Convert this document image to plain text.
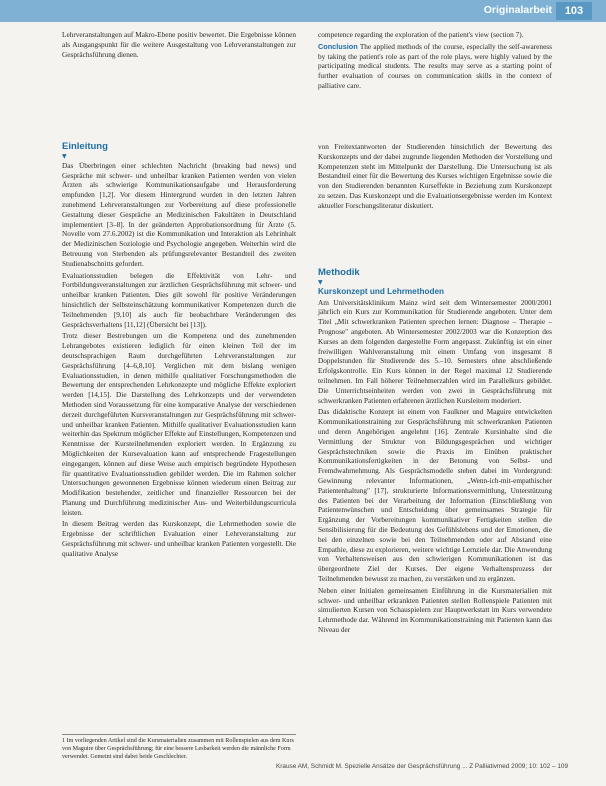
Originalarbeit	103

Lehrveranstaltungen auf Makro-Ebene positiv bewertet. Die Ergebnisse können als Ausgangspunkt für die weitere Ausgestaltung von Lehrveranstaltungen zur Gesprächsführung dienen.

Einleitung
▼

Das Überbringen einer schlechten Nachricht (breaking bad news) und Gespräche mit schwer- und unheilbar kranken Patienten werden von vielen Ärzten als schwierige Kommunikationsaufgabe und Herausforderung empfunden [1,2]. Vor diesem Hintergrund wurden in den letzten Jahren zunehmend Lehrveranstaltungen zur Vorbereitung auf diese professionelle Gestaltung dieser Gespräche an Medizinischen Fakultäten in Deutschland implementiert [3–8]. In der geänderten Approbationsordnung für Ärzte (5. Novelle vom 27.6.2002) ist die Kommunikation und Interaktion als Lehrinhalt der Medizinischen Soziologie und Psychologie angegeben. Weiterhin wird die Betreuung von Sterbenden als prüfungsrelevanter Bestandteil des zweiten Studienabschnitts gefordert.

Evaluationsstudien belegen die Effektivität von Lehr- und Fortbildungsveranstaltungen zur ärztlichen Gesprächsführung mit schwer- und unheilbar kranken Patienten. Dies gilt sowohl für positive Veränderungen hinsichtlich der Selbsteinschätzung kommunikativer Kompetenzen durch die Teilnehmenden [9,10] als auch für beobachtbare Veränderungen des Gesprächsverhaltens [11,12] (Übersicht bei [13]).

Trotz dieser Bestrebungen um die Kompetenz und des zunehmenden Lehrangebotes existieren lediglich für einen kleinen Teil der im deutschsprachigen Raum durchgeführten Lehrveranstaltungen zur Gesprächsführung [4–6,8,10]. Verglichen mit dem bislang wenigen Evaluationsstudien, in denen mithilfe qualitativer Forschungsmethoden die Bewertung der entsprechenden Lehrkonzepte und mögliche Effekte exploriert werden [14,15]. Die Darstellung des Lehrkonzepts und der verwendeten Methoden sind Voraussetzung für eine komparative Analyse der verschiedenen derzeit durchgeführten Kursveranstaltungen zur Gesprächsführung mit schwer- und unheilbar kranken Patienten. Mithilfe qualitativer Evaluationsstudien kann weiterhin das Spektrum möglicher Effekte auf Einstellungen, Kompetenzen und Kenntnisse der Kursteilnehmenden exploriert werden. In Ergänzung zu Möglichkeiten der Kursevaluation kann auf entsprechende Fragestellungen eingegangen, können auf diese Weise auch empirisch begründete Hypothesen für quantitative Evaluationsstudien gebildet werden. Die im Rahmen solcher Untersuchungen gewonnenen Ergebnisse können wiederum einen Beitrag zur Modifikation bestehender, zeitlicher und finanzieller Ressourcen bei der Planung und Durchführung medizinischer Aus- und Weiterbildungscurricula leisten.

In diesem Beitrag werden das Kurskonzept, die Lehrmethoden sowie die Ergebnisse der schriftlichen Evaluation einer Lehrveranstaltung zur Gesprächsführung mit schwer- und unheilbar kranken Patienten vorgestellt. Die qualitative Analyse

1 Im vorliegenden Artikel sind die Kursmaterialien zusammen mit Rollenspielen aus dem Kurs von Maguire über Gesprächsführung; für eine bessere Lesbarkeit werden die männliche Form verwendet. Gemeint sind dabei beide Geschlechter.

competence regarding the exploration of the patient's view (section 7).

Conclusion The applied methods of the course, especially the self-awareness by taking the patient's role as part of the role plays, were highly valued by the participating medical students. The results may serve as a starting point of further evaluation of courses on communication skills in the context of palliative care.

von Freitextantworten der Studierenden hinsichtlich der Bewertung des Kurskonzepts und der dabei zugrunde liegenden Methoden der Vorstellung und Kompetenzen steht im Mittelpunkt der Darstellung. Die Untersuchung ist als Bestandteil einer für die Bewertung des Kurses wichtigen Ergebnisse sowie die von den Studierenden benannten Kurseffekte in Beziehung zum Kurskonzept zu setzen. Das Kurskonzept und die Evaluationsergebnisse werden im Kontext aktueller Forschungsliteratur diskutiert.

Methodik
▼
Kurskonzept und Lehrmethoden

Am Universitätsklinikum Mainz wird seit dem Wintersemester 2000/2001 jährlich ein Kurs zur Kommunikation für Studierende angeboten. Unter dem Titel „Mit schwerkranken Patienten sprechen lernen: Diagnose – Therapie – Prognose" angeboten. Ab Wintersemester 2002/2003 war die Konzeption des Kurses an dem folgenden dargestellte Form angepasst. Zukünftig ist ein einer freiwilligen Wahlveranstaltung mit einem Umfang von insgesamt 8 Doppelstunden für Studierende des 5.–10. Semesters ohne abschließende Erfolgskontrolle. Ein Kurs können in der Regel maximal 12 Studierende teilnehmen. Im Fall höherer Teilnehmerzahlen wird im Parallelkurs gebildet. Die Unterrichtseinheiten werden von zwei in Gesprächsführung mit schwerkranken Patienten erfahrenen ärztlichen Kursleitern moderiert.

Das didaktische Konzept ist einem von Faulkner und Maguire entwickelten Kommunikationstraining zur Gesprächsführung mit schwerkranken Patienten und deren Angehörigen angelehnt [16]. Zentrale Kursinhalte sind die Vermittlung der Struktur von Bildungsgesprächen und wichtiger Gesprächstechniken sowie die Praxis im Einüben praktischer Kommunikationsfertigkeiten in der Betonung von Selbst- und Fremdwahrnehmung. Als Gesprächsmodelle stehen dabei im Vordergrund: Gewinnung relevanter Informationen, „Wenn-ich-mit-empathischer Patientenhaltung" [17], strukturierte Informationsvermittlung, Unterstützung des Patienten bei der Verarbeitung der Information (Einschließlung von Patientenwünschen und Entscheidung über gemeinsames Strategie für Ergänzung der Vorbereitungen kommunikativer Fertigkeiten stellen die Sensibilisierung für die Bedeutung des Gefühlslebens und der Emotionen, die bei den einzelnen sowie bei den Teilnehmenden oder auf Abstand eine Empathie, diese zu explorieren, weitere wichtige Lernziele dar. Die Anwendung von Verhaltensweisen aus den schwierigen Kommunikationen ist das übergeordnete Ziel der Kurses. Der eigene Verhaltensprozess der Teilnehmenden bewusst zu machen, zu verstärken und zu ergänzen.

Neben einer Initialen gemeinsamen Einführung in die Kursmaterialien mit schwer- und unheilbar erkrankten Patienten stellen Rollenspiele Patienten mit simulierten Kursen von Schauspielern zur Hauptwerkstatt im Kurs verwendete Lehrmethode dar. Während im Kommunikationstraining mit Patienten kann das Niveau der

Krause AM, Schmidt M. Spezielle Ansätze der Gesprächsführung ... Z Palliativmed 2009; 10: 102 – 109
